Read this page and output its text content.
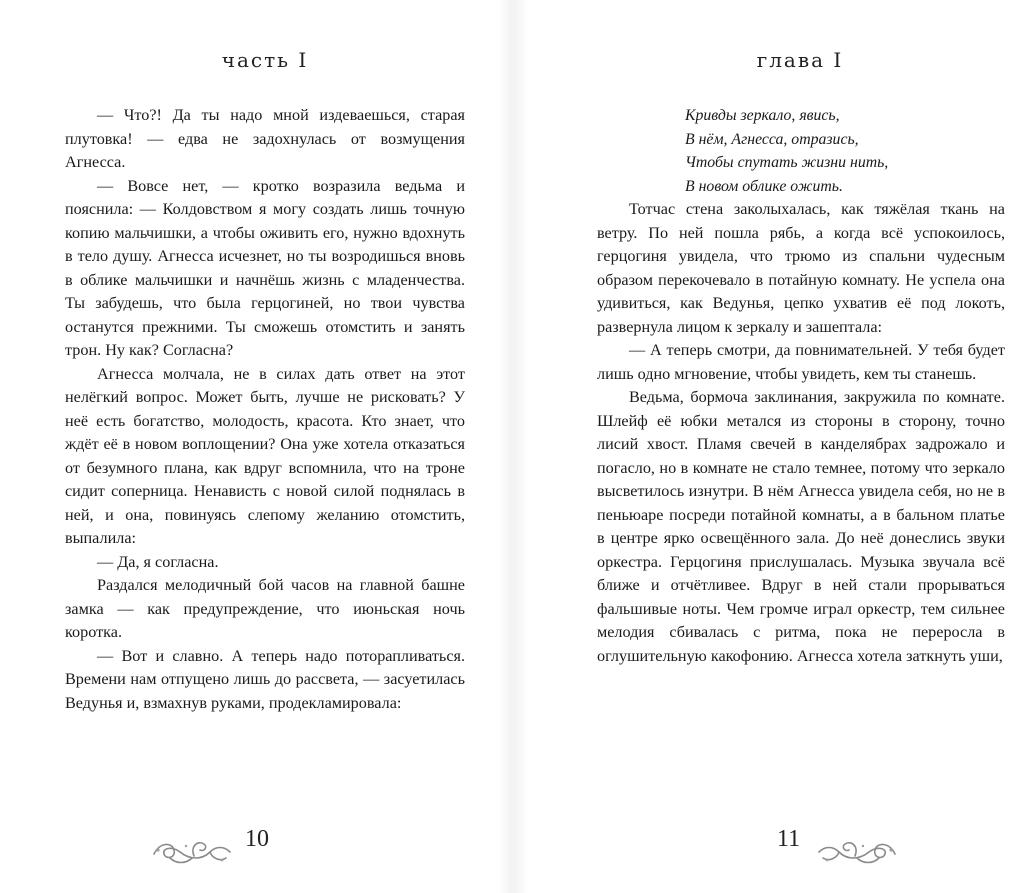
часть I

— Что?! Да ты надо мной издеваешься, старая плутовка! — едва не задохнулась от возмущения Агнесса.

— Вовсе нет, — кротко возразила ведьма и пояснила: — Колдовством я могу создать лишь точную копию мальчишки, а чтобы оживить его, нужно вдохнуть в тело душу. Агнесса исчезнет, но ты возродишься вновь в облике мальчишки и начнёшь жизнь с младенчества. Ты забудешь, что была герцогиней, но твои чувства останутся прежними. Ты сможешь отомстить и занять трон. Ну как? Согласна?

Агнесса молчала, не в силах дать ответ на этот нелёгкий вопрос. Может быть, лучше не рисковать? У неё есть богатство, молодость, красота. Кто знает, что ждёт её в новом воплощении? Она уже хотела отказаться от безумного плана, как вдруг вспомнила, что на троне сидит соперница. Ненависть с новой силой поднялась в ней, и она, повинуясь слепому желанию отомстить, выпалила:

— Да, я согласна.

Раздался мелодичный бой часов на главной башне замка — как предупреждение, что июньская ночь коротка.

— Вот и славно. А теперь надо поторапливаться. Времени нам отпущено лишь до рассвета, — засуетилась Ведунья и, взмахнув руками, продекламировала:

10
глава I
Кривды зеркало, явись,
В нём, Агнесса, отразись,
Чтобы спутать жизни нить,
В новом облике ожить.

Тотчас стена заколыхалась, как тяжёлая ткань на ветру. По ней пошла рябь, а когда всё успокоилось, герцогиня увидела, что трюмо из спальни чудесным образом перекочевало в потайную комнату. Не успела она удивиться, как Ведунья, цепко ухватив её под локоть, развернула лицом к зеркалу и зашептала:

— А теперь смотри, да повнимательней. У тебя будет лишь одно мгновение, чтобы увидеть, кем ты станешь.

Ведьма, бормоча заклинания, закружила по комнате. Шлейф её юбки метался из стороны в сторону, точно лисий хвост. Пламя свечей в канделябрах задрожало и погасло, но в комнате не стало темнее, потому что зеркало высветилось изнутри. В нём Агнесса увидела себя, но не в пеньюаре посреди потайной комнаты, а в бальном платье в центре ярко освещённого зала. До неё донеслись звуки оркестра. Герцогиня прислушалась. Музыка звучала всё ближе и отчётливее. Вдруг в ней стали прорываться фальшивые ноты. Чем громче играл оркестр, тем сильнее мелодия сбивалась с ритма, пока не переросла в оглушительную какофонию. Агнесса хотела заткнуть уши,

11
